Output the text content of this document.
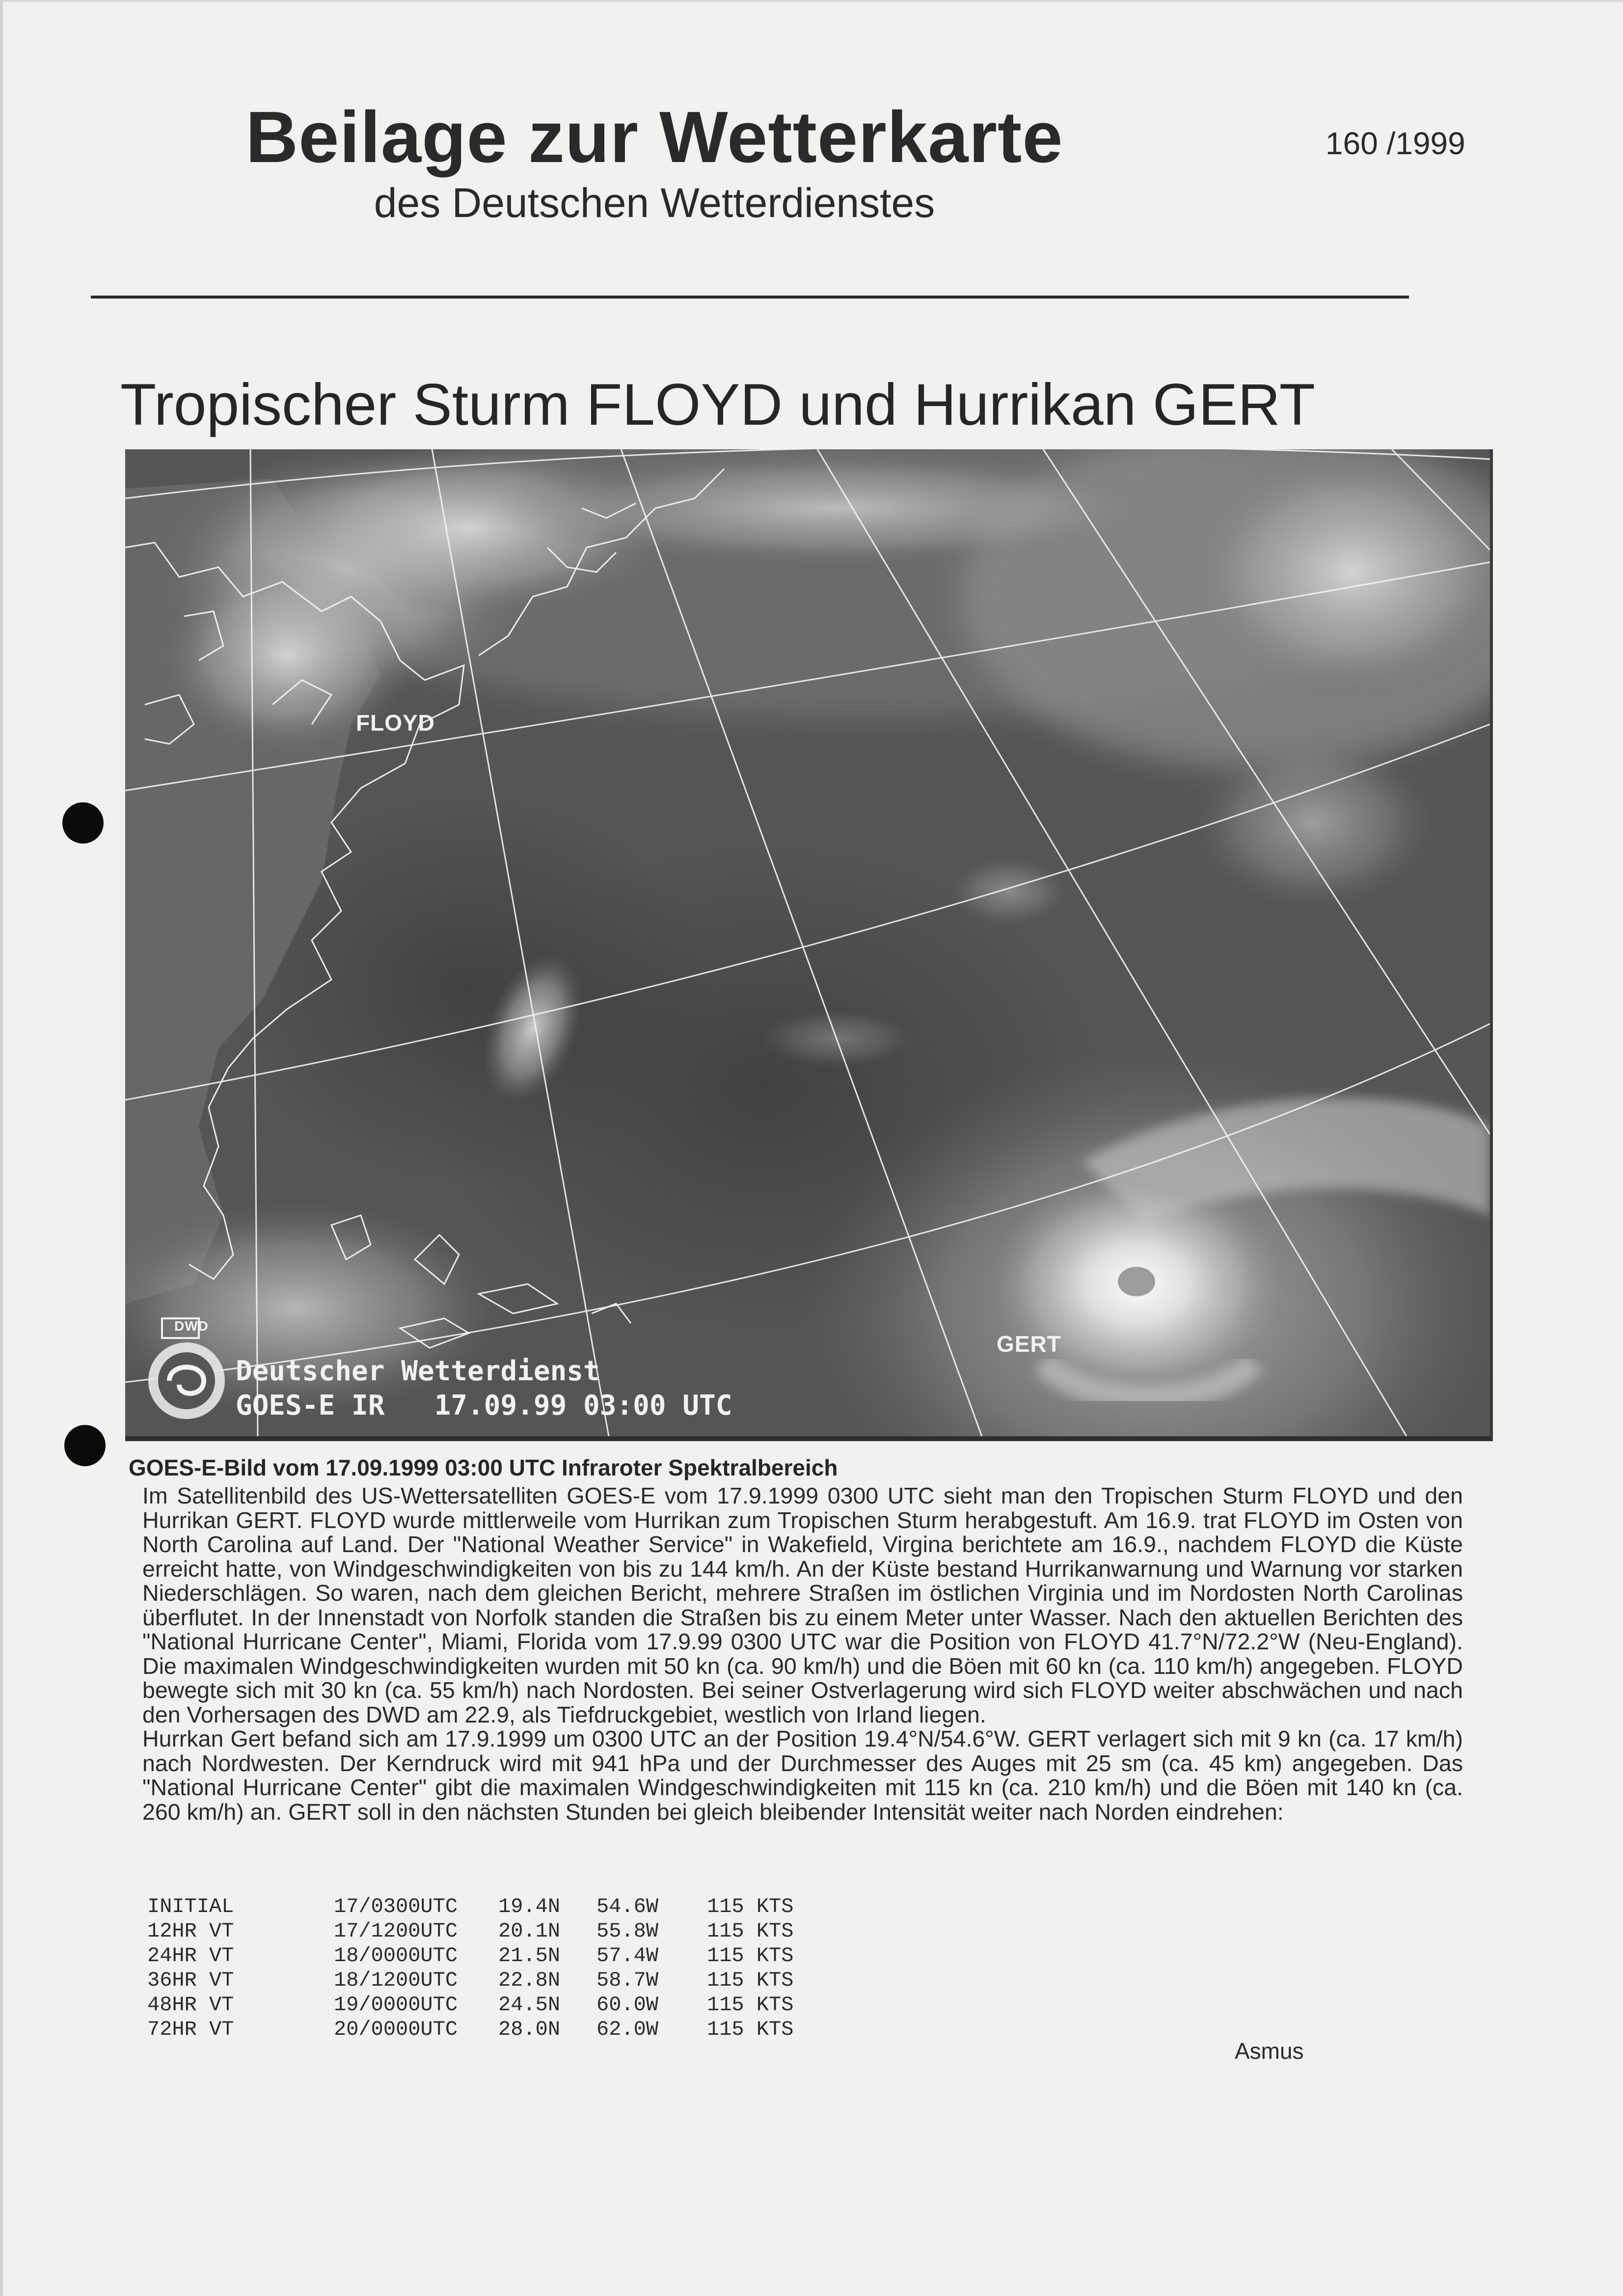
Beilage zur Wetterkarte
des Deutschen Wetterdienstes
160 /1999
Tropischer Sturm FLOYD und Hurrikan GERT
FLOYD
GERT
DWD
Deutscher Wetterdienst
GOES-E IR   17.09.99 03:00 UTC
GOES-E-Bild vom 17.09.1999 03:00 UTC Infraroter Spektralbereich

Im Satellitenbild des US-Wettersatelliten GOES-E vom 17.9.1999 0300 UTC sieht man den Tropischen Sturm FLOYD und den Hurrikan GERT. FLOYD wurde mittlerweile vom Hurrikan zum Tropischen Sturm herabgestuft. Am 16.9. trat FLOYD im Osten von North Carolina auf Land. Der "National Weather Service" in Wakefield, Virgina berichtete am 16.9., nachdem FLOYD die Küste erreicht hatte, von Windgeschwindigkeiten von bis zu 144 km/h. An der Küste bestand Hurrikanwarnung und Warnung vor starken Niederschlägen. So waren, nach dem gleichen Bericht, mehrere Straßen im östlichen Virginia und im Nordosten North Carolinas überflutet. In der Innenstadt von Norfolk standen die Straßen bis zu einem Meter unter Wasser. Nach den aktuellen Berichten des "National Hurricane Center", Miami, Florida vom 17.9.99 0300 UTC war die Position von FLOYD 41.7°N/72.2°W (Neu-England). Die maximalen Windgeschwindigkeiten wurden mit 50 kn (ca. 90 km/h) und die Böen mit 60 kn (ca. 110 km/h) angegeben. FLOYD bewegte sich mit 30 kn (ca. 55 km/h) nach Nordosten. Bei seiner Ostverlagerung wird sich FLOYD weiter abschwächen und nach den Vorhersagen des DWD am 22.9, als Tiefdruckgebiet, westlich von Irland liegen.

Hurrkan Gert befand sich am 17.9.1999 um 0300 UTC an der Position 19.4°N/54.6°W. GERT verlagert sich mit 9 kn (ca. 17 km/h) nach Nordwesten. Der Kerndruck wird mit 941 hPa und der Durchmesser des Auges mit 25 sm (ca. 45 km) angegeben. Das "National Hurricane Center" gibt die maximalen Windgeschwindigkeiten mit 115 kn (ca. 210 km/h) und die Böen mit 140 kn (ca. 260 km/h) an. GERT soll in den nächsten Stunden bei gleich bleibender Intensität weiter nach Norden eindrehen:

INITIAL	17/0300UTC	19.4N	54.6W	115 KTS
12HR VT	17/1200UTC	20.1N	55.8W	115 KTS
24HR VT	18/0000UTC	21.5N	57.4W	115 KTS
36HR VT	18/1200UTC	22.8N	58.7W	115 KTS
48HR VT	19/0000UTC	24.5N	60.0W	115 KTS
72HR VT	20/0000UTC	28.0N	62.0W	115 KTS
Asmus
